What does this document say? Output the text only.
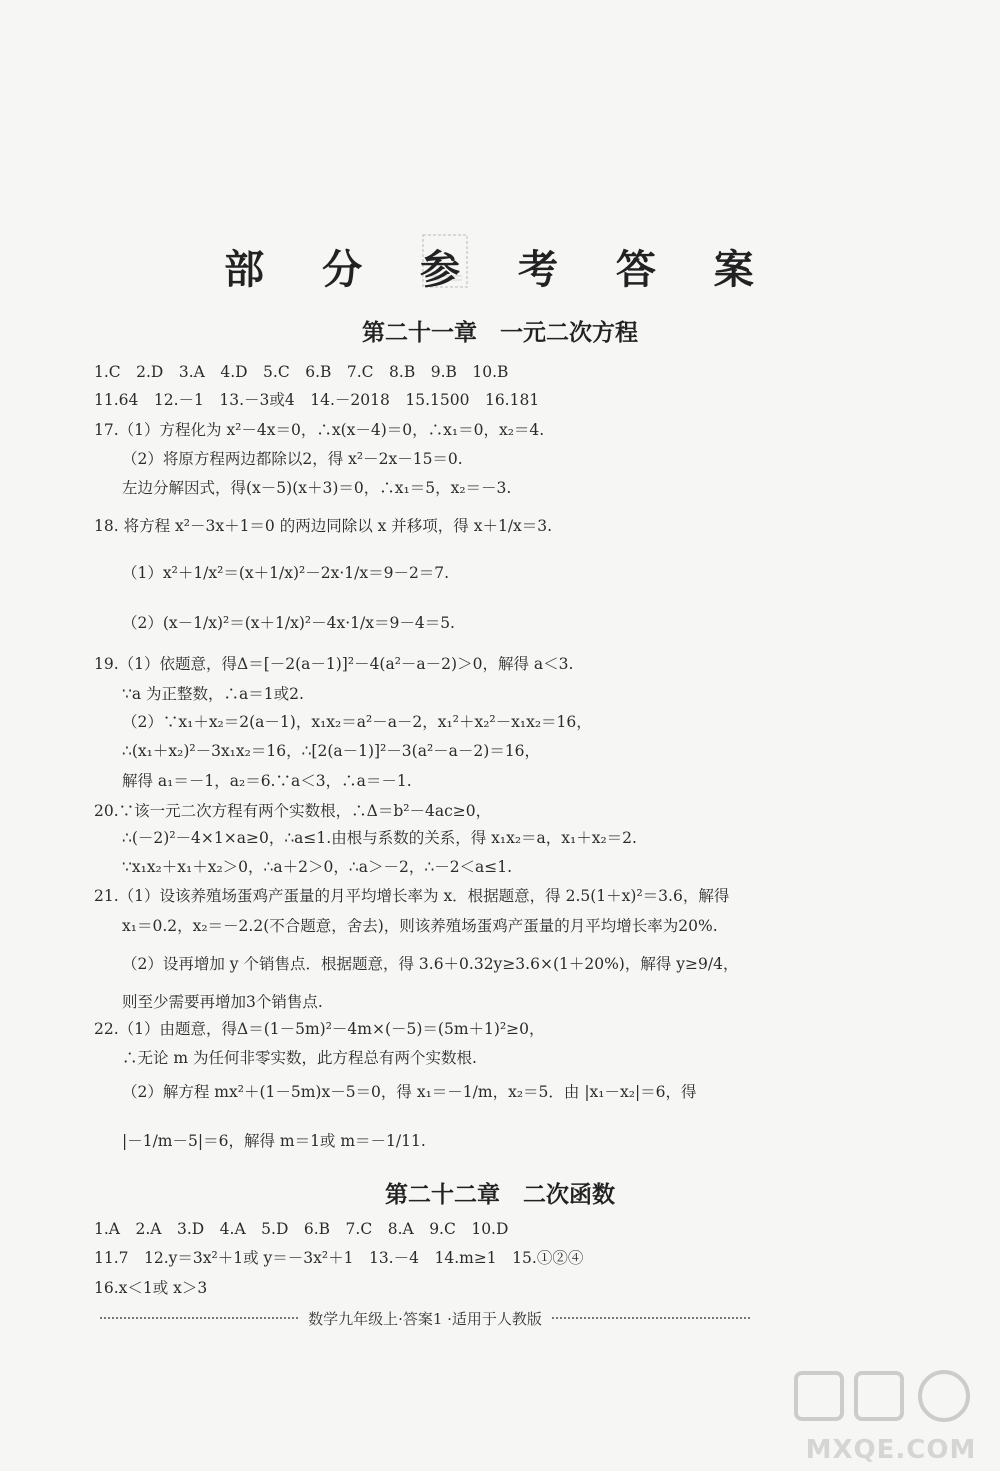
部 分 参 考 答 案
第二十一章　一元二次方程
1.C　2.D　3.A　4.D　5.C　6.B　7.C　8.B　9.B　10.B
11.64　12.－1　13.－3或4　14.－2018　15.1500　16.181
17.（1）方程化为 x²－4x＝0，∴x(x－4)＝0，∴x₁＝0，x₂＝4.
（2）将原方程两边都除以2，得 x²－2x－15＝0.
左边分解因式，得(x－5)(x＋3)＝0，∴x₁＝5，x₂＝－3.
18. 将方程 x²－3x＋1＝0 的两边同除以 x 并移项，得 x＋1/x＝3.
（1）x²＋1/x²＝(x＋1/x)²－2x·1/x＝9－2＝7.
（2）(x－1/x)²＝(x＋1/x)²－4x·1/x＝9－4＝5.
19.（1）依题意，得Δ＝[－2(a－1)]²－4(a²－a－2)＞0，解得 a＜3.
∵a 为正整数，∴a＝1或2.
（2）∵x₁＋x₂＝2(a－1)，x₁x₂＝a²－a－2，x₁²＋x₂²－x₁x₂＝16，
∴(x₁＋x₂)²－3x₁x₂＝16，∴[2(a－1)]²－3(a²－a－2)＝16，
解得 a₁＝－1，a₂＝6.∵a＜3，∴a＝－1.
20.∵该一元二次方程有两个实数根，∴Δ＝b²－4ac≥0，
∴(－2)²－4×1×a≥0，∴a≤1.由根与系数的关系，得 x₁x₂＝a，x₁＋x₂＝2.
∵x₁x₂＋x₁＋x₂＞0，∴a＋2＞0，∴a＞－2，∴－2＜a≤1.
21.（1）设该养殖场蛋鸡产蛋量的月平均增长率为 x．根据题意，得 2.5(1＋x)²＝3.6，解得
x₁＝0.2，x₂＝－2.2(不合题意，舍去)，则该养殖场蛋鸡产蛋量的月平均增长率为20%.
（2）设再增加 y 个销售点．根据题意，得 3.6＋0.32y≥3.6×(1＋20%)，解得 y≥9/4，
则至少需要再增加3个销售点.
22.（1）由题意，得Δ＝(1－5m)²－4m×(－5)＝(5m＋1)²≥0，
∴无论 m 为任何非零实数，此方程总有两个实数根.
（2）解方程 mx²＋(1－5m)x－5＝0，得 x₁＝－1/m，x₂＝5．由 |x₁－x₂|＝6，得
|－1/m－5|＝6，解得 m＝1或 m＝－1/11.
第二十二章　二次函数
1.A　2.A　3.D　4.A　5.D　6.B　7.C　8.A　9.C　10.D
11.7　12.y＝3x²＋1或 y＝－3x²＋1　13.－4　14.m≥1　15.①②④
16.x＜1或 x＞3
数学九年级上·答案1 ·适用于人教版
MXQE.COM
